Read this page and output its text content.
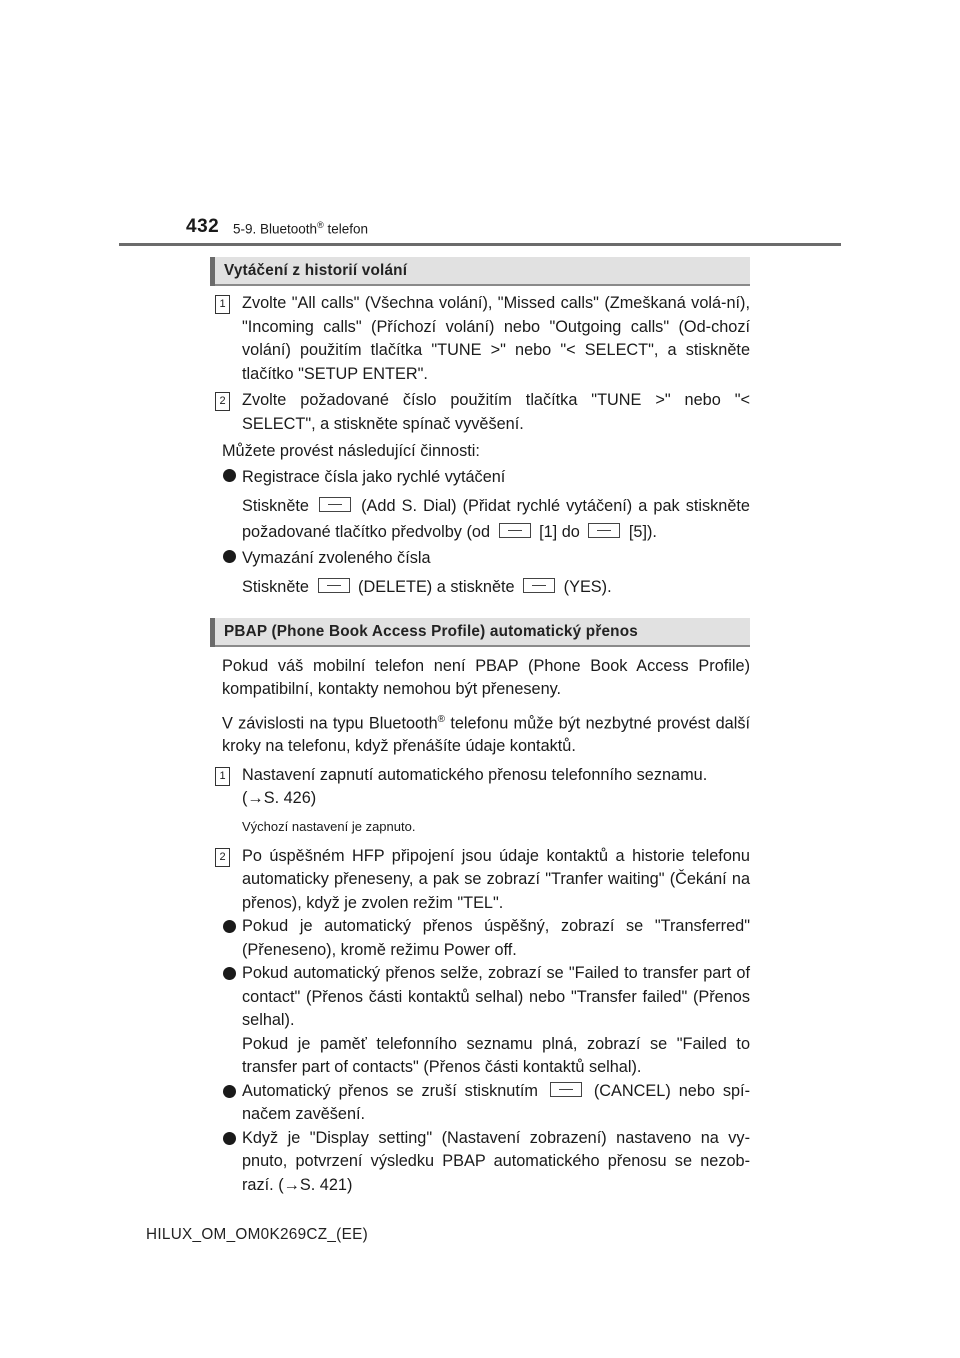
432 5-9. Bluetooth® telefon
Vytáčení z historií volání
1 Zvolte "All calls" (Všechna volání), "Missed calls" (Zmeškaná volá-ní), "Incoming calls" (Příchozí volání) nebo "Outgoing calls" (Od-chozí volání) použitím tlačítka "TUNE >" nebo "< SELECT", a stiskněte tlačítko "SETUP ENTER".
2 Zvolte požadované číslo použitím tlačítka "TUNE >" nebo "< SELECT", a stiskněte spínač vyvěšení.
Můžete provést následující činnosti:
Registrace čísla jako rychlé vytáčení
Stiskněte	(Add S. Dial) (Přidat rychlé vytáčení) a pak stiskněte požadované tlačítko předvolby (od	[1] do	[5]).
Vymazání zvoleného čísla
Stiskněte	(DELETE) a stiskněte	(YES).
PBAP (Phone Book Access Profile) automatický přenos
Pokud váš mobilní telefon není PBAP (Phone Book Access Profile) kompatibilní, kontakty nemohou být přeneseny.
V závislosti na typu Bluetooth® telefonu může být nezbytné provést další kroky na telefonu, když přenášíte údaje kontaktů.
1 Nastavení zapnutí automatického přenosu telefonního seznamu.
(→S. 426)
Výchozí nastavení je zapnuto.
2 Po úspěšném HFP připojení jsou údaje kontaktů a historie telefonu automaticky přeneseny, a pak se zobrazí "Tranfer waiting" (Čekání na přenos), když je zvolen režim "TEL".
Pokud je automatický přenos úspěšný, zobrazí se "Transferred" (Přeneseno), kromě režimu Power off.
Pokud automatický přenos selže, zobrazí se "Failed to transfer part of contact" (Přenos části kontaktů selhal) nebo "Transfer failed" (Přenos selhal).
Pokud je paměť telefonního seznamu plná, zobrazí se "Failed to transfer part of contacts" (Přenos části kontaktů selhal).
Automatický přenos se zruší stisknutím	(CANCEL) nebo spí-načem zavěšení.
Když je "Display setting" (Nastavení zobrazení) nastaveno na vy-pnuto, potvrzení výsledku PBAP automatického přenosu se nezob-razí. (→S. 421)
HILUX_OM_OM0K269CZ_(EE)
